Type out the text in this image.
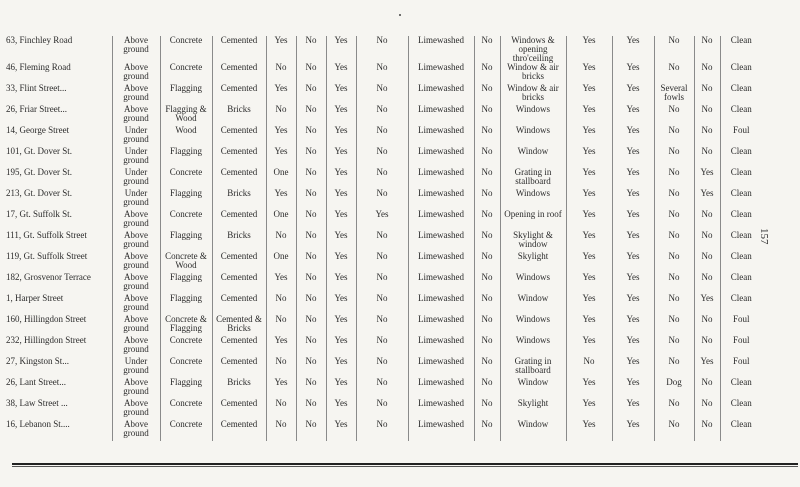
63, Finchley Road	Above ground	Concrete	Cemented	Yes	No	Yes	No	Limewashed	No	Windows & opening thro'ceiling	Yes	Yes	No	No	Clean
46, Fleming Road	Above ground	Concrete	Cemented	No	No	Yes	No	Limewashed	No	Window & air bricks	Yes	Yes	No	No	Clean
33, Flint Street...	Above ground	Flagging	Cemented	Yes	No	Yes	No	Limewashed	No	Window & air bricks	Yes	Yes	Several fowls	No	Clean
26, Friar Street...	Above ground	Flagging & Wood	Bricks	No	No	Yes	No	Limewashed	No	Windows	Yes	Yes	No	No	Clean
14, George Street	Under ground	Wood	Cemented	Yes	No	Yes	No	Limewashed	No	Windows	Yes	Yes	No	No	Foul
101, Gt. Dover St.	Under ground	Flagging	Cemented	Yes	No	Yes	No	Limewashed	No	Window	Yes	Yes	No	No	Clean
195, Gt. Dover St.	Under ground	Concrete	Cemented	One	No	Yes	No	Limewashed	No	Grating in stallboard	Yes	Yes	No	Yes	Clean
213, Gt. Dover St.	Under ground	Flagging	Bricks	Yes	No	Yes	No	Limewashed	No	Windows	Yes	Yes	No	Yes	Clean
17, Gt. Suffolk St.	Above ground	Concrete	Cemented	One	No	Yes	Yes	Limewashed	No	Opening in roof	Yes	Yes	No	No	Clean
111, Gt. Suffolk Street	Above ground	Flagging	Bricks	No	No	Yes	No	Limewashed	No	Skylight & window	Yes	Yes	No	No	Clean
119, Gt. Suffolk Street	Above ground	Concrete & Wood	Cemented	One	No	Yes	No	Limewashed	No	Skylight	Yes	Yes	No	No	Clean
182, Grosvenor Terrace	Above ground	Flagging	Cemented	Yes	No	Yes	No	Limewashed	No	Windows	Yes	Yes	No	No	Clean
1, Harper Street	Above ground	Flagging	Cemented	No	No	Yes	No	Limewashed	No	Window	Yes	Yes	No	Yes	Clean
160, Hillingdon Street	Above ground	Concrete & Flagging	Cemented & Bricks	No	No	Yes	No	Limewashed	No	Windows	Yes	Yes	No	No	Foul
232, Hillingdon Street	Above ground	Concrete	Cemented	Yes	No	Yes	No	Limewashed	No	Windows	Yes	Yes	No	No	Foul
27, Kingston St...	Under ground	Concrete	Cemented	No	No	Yes	No	Limewashed	No	Grating in stallboard	No	Yes	No	Yes	Foul
26, Lant Street...	Above ground	Flagging	Bricks	Yes	No	Yes	No	Limewashed	No	Window	Yes	Yes	Dog	No	Clean
38, Law Street ...	Above ground	Concrete	Cemented	No	No	Yes	No	Limewashed	No	Skylight	Yes	Yes	No	No	Clean
16, Lebanon St....	Above ground	Concrete	Cemented	No	No	Yes	No	Limewashed	No	Window	Yes	Yes	No	No	Clean
157
